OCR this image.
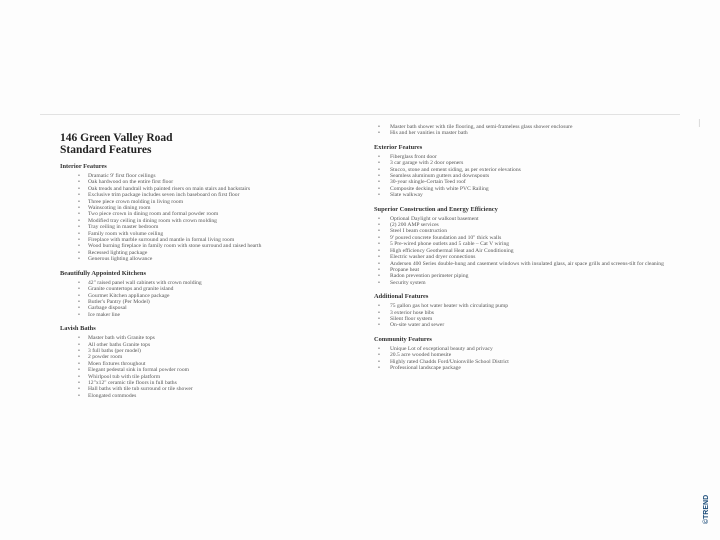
|
146 Green Valley Road
Standard Features
Interior Features
• Dramatic 9' first floor ceilings
• Oak hardwood on the entire first floor
• Oak treads and handrail with painted risers on main stairs and backstairs
• Exclusive trim package includes seven inch baseboard on first floor
• Three piece crown molding in living room
• Wainscoting in dining room
• Two piece crown in dining room and formal powder room
• Modified tray ceiling in dining room with crown molding
• Tray ceiling in master bedroom
• Family room with volume ceiling
• Fireplace with marble surround and mantle in formal living room
• Wood burning fireplace in family room with stone surround and raised hearth
• Recessed lighting package
• Generous lighting allowance
Beautifully Appointed Kitchens
• 42" raised panel wall cabinets with crown molding
• Granite countertops and granite island
• Gourmet Kitchen appliance package
• Butler's Pantry (Per Model)
• Garbage disposal
• Ice maker line
Lavish Baths
• Master bath with Granite tops
• All other baths Granite tops
• 3 full baths (per model)
• 2 powder room
• Moen fixtures throughout
• Elegant pedestal sink in formal powder room
• Whirlpool tub with tile platform
• 12"x12" ceramic tile floors in full baths
• Hall baths with tile tub surround or tile shower
• Elongated commodes
• Master bath shower with tile flooring, and semi-frameless glass shower enclosure
• His and her vanities in master bath
Exterior Features
• Fiberglass front door
• 3 car garage with 2 door openers
• Stucco, stone and cement siding, as per exterior elevations
• Seamless aluminum gutters and downspouts
• 30-year shingle-Certain Teed roof
• Composite decking with white PVC Railing
• Slate walkway
Superior Construction and Energy Efficiency
• Optional Daylight or walkout basement
• (2) 200 AMP services
• Steel I beam construction
• 9' poured concrete foundation and 10" thick walls
• 5 Pre-wired phone outlets and 5 cable – Cat V wiring
• High efficiency Geothermal Heat and Air Conditioning
• Electric washer and dryer connections
• Andersen 400 Series double-hung and casement windows with insulated glass, air space grills and screens-tilt for cleaning
• Propane heat
• Radon prevention perimeter piping
• Security system
Additional Features
• 75 gallon gas hot water heater with circulating pump
• 3 exterior hose bibs
• Silent floor system
• On-site water and sewer
Community Features
• Unique Lot of exceptional beauty and privacy
• 20.5 acre wooded homesite
• Highly rated Chadds Ford/Unionville School District
• Professional landscape package
©TREND
